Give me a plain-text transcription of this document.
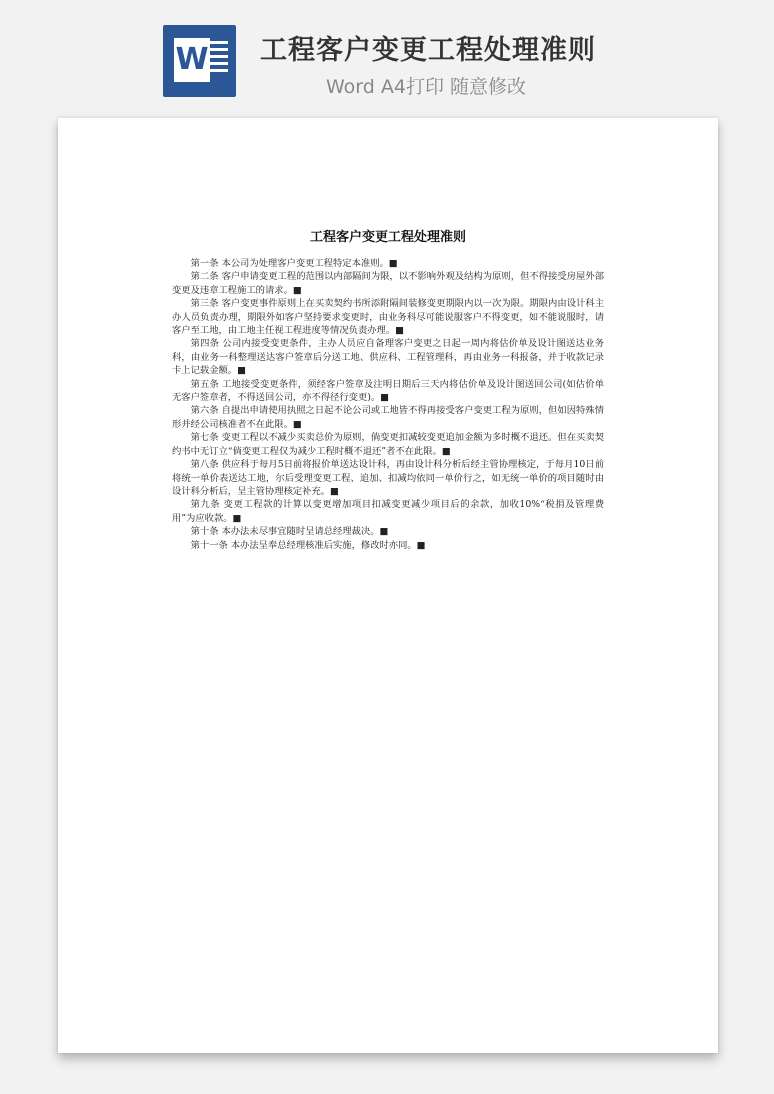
W 工程客户变更工程处理准则
Word A4打印 随意修改
工程客户变更工程处理准则

第一条 本公司为处理客户变更工程特定本准则。■

第二条 客户申请变更工程的范围以内部隔间为限，以不影响外观及结构为原则，但不得接受房屋外部变更及违章工程施工的请求。■

第三条 客户变更事件原则上在买卖契约书所添附隔间装修变更期限内以一次为限。期限内由设计科主办人员负责办理，期限外如客户坚持要求变更时，由业务科尽可能说服客户不得变更，如不能说服时，请客户至工地，由工地主任视工程进度等情况负责办理。■

第四条 公司内接受变更条件，主办人员应自备理客户变更之日起一周内将估价单及设计图送达业务科，由业务一科整理送达客户签章后分送工地、供应科、工程管理科，再由业务一科报备，并于收款记录卡上记载金额。■

第五条 工地接受变更条件，须经客户签章及注明日期后三天内将估价单及设计图送回公司(如估价单无客户签章者，不得送回公司，亦不得径行变更)。■

第六条 自提出申请使用执照之日起不论公司或工地皆不得再接受客户变更工程为原则，但如因特殊情形并经公司核准者不在此限。■

第七条 变更工程以不减少买卖总价为原则，倘变更扣减较变更追加金额为多时概不退还。但在买卖契约书中无订立“倘变更工程仅为减少工程时概不退还”者不在此限。■

第八条 供应科于每月5日前将报价单送达设计科，再由设计科分析后经主管协理核定，于每月10日前将统一单价表送达工地，尔后受理变更工程、追加、扣减均依同一单价行之，如无统一单价的项目随时由设计科分析后，呈主管协理核定补充。■

第九条 变更工程款的计算以变更增加项目扣减变更减少项目后的余款，加收10%“税捐及管理费用”为应收款。■

第十条 本办法未尽事宜随时呈请总经理裁决。■

第十一条 本办法呈奉总经理核准后实施，修改时亦同。■
